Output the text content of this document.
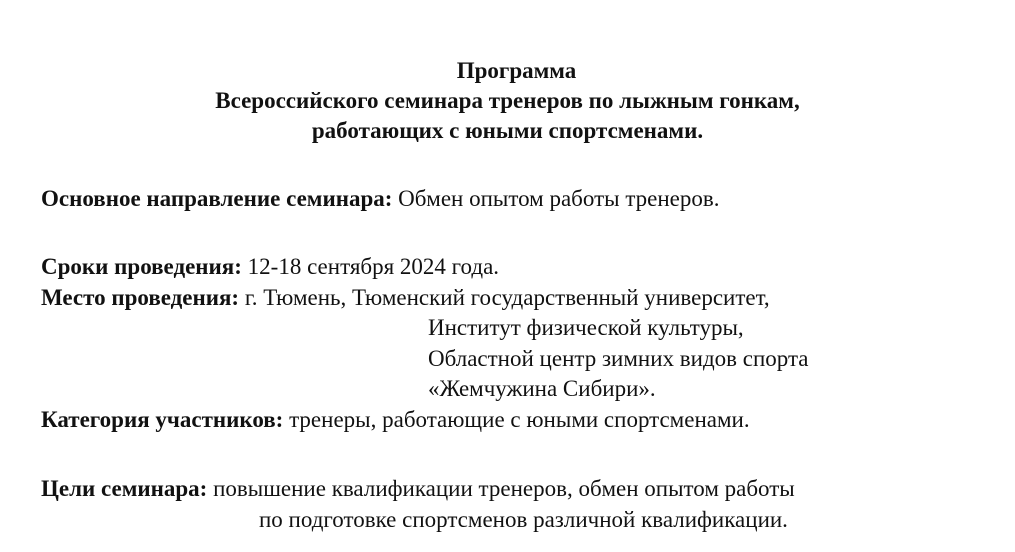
Программа
Всероссийского семинара тренеров по лыжным гонкам,
работающих с юными спортсменами.
Основное направление семинара: Обмен опытом работы тренеров.
Сроки проведения: 12-18 сентября 2024 года.
Место проведения: г. Тюмень, Тюменский государственный университет,
Институт физической культуры,
Областной центр зимних видов спорта
«Жемчужина Сибири».
Категория участников: тренеры, работающие с юными спортсменами.
Цели семинара: повышение квалификации тренеров, обмен опытом работы
по подготовке спортсменов различной квалификации.
